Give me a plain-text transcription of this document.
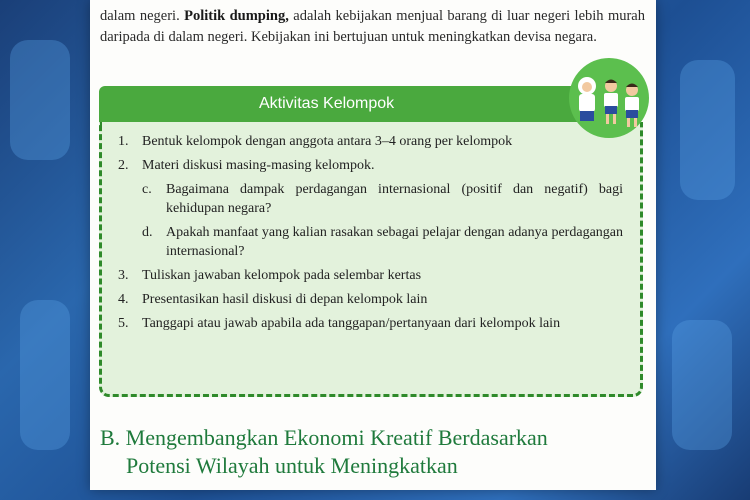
dalam negeri. Politik dumping, adalah kebijakan menjual barang di luar negeri lebih murah daripada di dalam negeri. Kebijakan ini bertujuan untuk meningkatkan devisa negara.

Aktivitas Kelompok
1. Bentuk kelompok dengan anggota antara 3–4 orang per kelompok
2. Materi diskusi masing-masing kelompok.
c. Bagaimana dampak perdagangan internasional (positif dan negatif) bagi kehidupan negara?
d. Apakah manfaat yang kalian rasakan sebagai pelajar dengan adanya perdagangan internasional?
3. Tuliskan jawaban kelompok pada selembar kertas
4. Presentasikan hasil diskusi di depan kelompok lain
5. Tanggapi atau jawab apabila ada tanggapan/pertanyaan dari kelompok lain
B. Mengembangkan Ekonomi Kreatif Berdasarkan
Potensi Wilayah untuk Meningkatkan
